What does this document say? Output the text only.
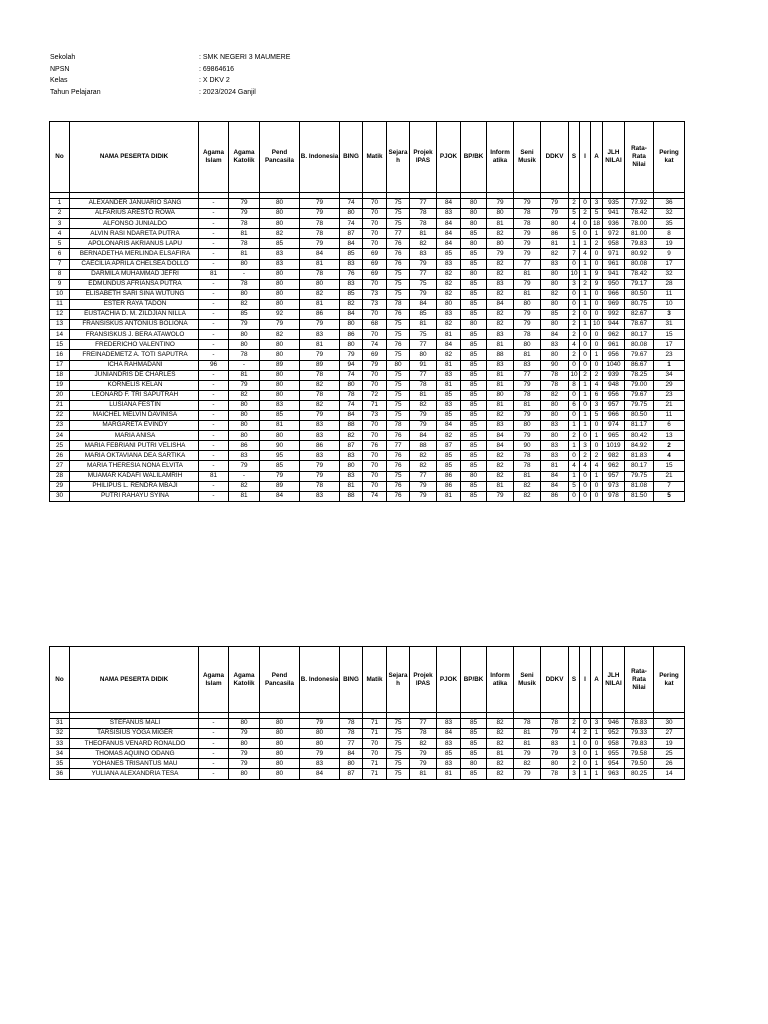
Sekolah	: SMK NEGERI 3 MAUMERE
NPSN	: 69864616
Kelas	: X DKV 2
Tahun Pelajaran	: 2023/2024 Ganjil
No	NAMA PESERTA DIDIK	Agama Islam	Agama Katolik	Pend Pancasila	B. Indonesia	BING	Matik	Sejara h	Projek IPAS	PJOK	BP/BK	Inform atika	Seni Musik	DDKV	S	I	A	JLH NILAI	Rata-Rata Nilai	Pering kat

1	ALEXANDER JANUARIO SANG	-	79	80	79	74	70	75	77	84	80	79	79	79	2	0	3	935	77.92	36
2	ALFARIUS ARESTO ROWA	-	79	80	79	80	70	75	78	83	80	80	78	79	5	2	5	941	78.42	32
3	ALFONSO JUNIALDO	-	78	80	78	74	70	75	78	84	80	81	78	80	4	0	18	936	78.00	35
4	ALVIN RASI NDARETA PUTRA	-	81	82	78	87	70	77	81	84	85	82	79	86	5	0	1	972	81.00	8
5	APOLONARIS AKRIANUS LAPU	-	78	85	79	84	70	76	82	84	80	80	79	81	1	1	2	958	79.83	19
6	BERNADETHA MERLINDA ELSAFIRA	-	81	83	84	85	69	76	83	85	85	79	79	82	7	4	0	971	80.92	9
7	CAECILIA APRILA CHELSEA DOLLO	-	80	83	81	83	69	76	79	83	85	82	77	83	0	1	0	961	80.08	17
8	DARMILA MUHAMMAD JEFRI	81	-	80	78	76	69	75	77	82	80	82	81	80	10	1	9	941	78.42	32
9	EDMUNDUS AFRIANSA PUTRA	-	78	80	80	83	70	75	75	82	85	83	79	80	3	2	9	950	79.17	28
10	ELISABETH SARI SINA WUTUNG	-	80	80	82	85	73	75	79	82	85	82	81	82	0	1	0	966	80.50	11
11	ESTER RAYA TADON	-	82	80	81	82	73	78	84	80	85	84	80	80	0	1	0	969	80.75	10
12	EUSTACHIA D. M. ZILDJIAN NILLA	-	85	92	86	84	70	76	85	83	85	82	79	85	2	0	0	992	82.67	3
13	FRANSISKUS ANTONIUS BOLIONA	-	79	79	79	80	68	75	81	82	80	82	79	80	2	1	10	944	78.67	31
14	FRANSISKUS J. BERA ATAWOLO	-	80	82	83	86	70	75	75	81	85	83	78	84	2	0	0	962	80.17	15
15	FREDERICHO VALENTINO	-	80	80	81	80	74	76	77	84	85	81	80	83	4	0	0	961	80.08	17
16	FREINADEMETZ A. TOTI SAPUTRA	-	78	80	79	79	69	75	80	82	85	88	81	80	2	0	1	956	79.67	23
17	ICHA RAHMADANI	96	-	89	89	94	79	80	91	81	85	83	83	90	0	0	0	1040	86.67	1
18	JUNIANDRIS DE CHARLES	-	81	80	78	74	70	75	77	83	85	81	77	78	10	2	2	939	78.25	34
19	KORNELIS KELAN	-	79	80	82	80	70	75	78	81	85	81	79	78	8	1	4	948	79.00	29
20	LEONARD F. TRI SAPUTRAH	-	82	80	78	78	72	75	81	85	85	80	78	82	0	1	6	956	79.67	23
21	LUSIANA FESTIN	-	80	83	82	74	71	75	82	83	85	81	81	80	6	0	3	957	79.75	21
22	MAICHEL MELVIN DAVINISA	-	80	85	79	84	73	75	79	85	85	82	79	80	0	1	5	966	80.50	11
23	MARGARETA EVINDY	-	80	81	83	88	70	78	79	84	85	83	80	83	1	1	0	974	81.17	6
24	MARIA ANISA	-	80	80	83	82	70	76	84	82	85	84	79	80	2	0	1	965	80.42	13
25	MARIA FEBRIANI PUTRI VELISHA	-	86	90	86	87	76	77	88	87	85	84	90	83	1	3	0	1019	84.92	2
26	MARIA OKTAVIANA DEA SARTIKA	-	83	95	83	83	70	76	82	85	85	82	78	83	0	2	2	982	81.83	4
27	MARIA THERESIA NONA ELVITA	-	79	85	79	80	70	76	82	85	85	82	78	81	4	4	4	962	80.17	15
28	MUAMAR KADAFI WALILAMRIH	81	-	79	79	83	70	75	77	86	80	82	81	84	1	0	1	957	79.75	21
29	PHILIPUS L. RENDRA MBAJI	-	82	89	78	81	70	76	79	86	85	81	82	84	5	0	0	973	81.08	7
30	PUTRI RAHAYU SYINA	-	81	84	83	88	74	76	79	81	85	79	82	86	0	0	0	978	81.50	5
No	NAMA PESERTA DIDIK	Agama Islam	Agama Katolik	Pend Pancasila	B. Indonesia	BING	Matik	Sejara h	Projek IPAS	PJOK	BP/BK	Inform atika	Seni Musik	DDKV	S	I	A	JLH NILAI	Rata-Rata Nilai	Pering kat

31	STEFANUS MALI	-	80	80	79	78	71	75	77	83	85	82	78	78	2	0	3	946	78.83	30
32	TARSISIUS YOGA MIGER	-	79	80	80	78	71	75	78	84	85	82	81	79	4	2	1	952	79.33	27
33	THEOFANUS VENARD RONALDO	-	80	80	80	77	70	75	82	83	85	82	81	83	1	0	0	958	79.83	19
34	THOMAS AQUINO ODANG	-	79	80	79	84	70	75	79	85	85	81	79	79	3	0	1	955	79.58	25
35	YOHANES TRISANTUS MAU	-	79	80	83	80	71	75	79	83	80	82	82	80	2	0	1	954	79.50	26
36	YULIANA ALEXANDRIA TESA	-	80	80	84	87	71	75	81	81	85	82	79	78	3	1	1	963	80.25	14
